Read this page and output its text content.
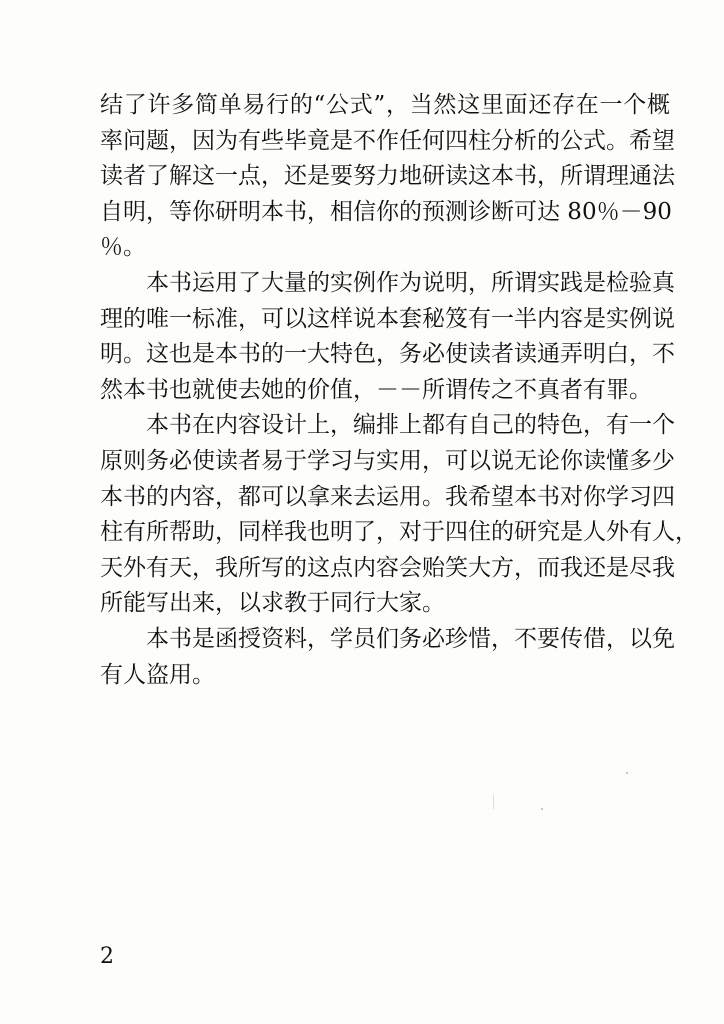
结了许多简单易行的“公式”，当然这里面还存在一个概
率问题，因为有些毕竟是不作任何四柱分析的公式。希望
读者了解这一点，还是要努力地研读这本书，所谓理通法
自明，等你研明本书，相信你的预测诊断可达 80％－90
％。
本书运用了大量的实例作为说明，所谓实践是检验真
理的唯一标准，可以这样说本套秘笈有一半内容是实例说
明。这也是本书的一大特色，务必使读者读通弄明白，不
然本书也就使去她的价值，－－所谓传之不真者有罪。
本书在内容设计上，编排上都有自己的特色，有一个
原则务必使读者易于学习与实用，可以说无论你读懂多少
本书的内容，都可以拿来去运用。我希望本书对你学习四
柱有所帮助，同样我也明了，对于四住的研究是人外有人，
天外有天，我所写的这点内容会贻笑大方，而我还是尽我
所能写出来，以求教于同行大家。
本书是函授资料，学员们务必珍惜，不要传借，以免
有人盗用。
2
